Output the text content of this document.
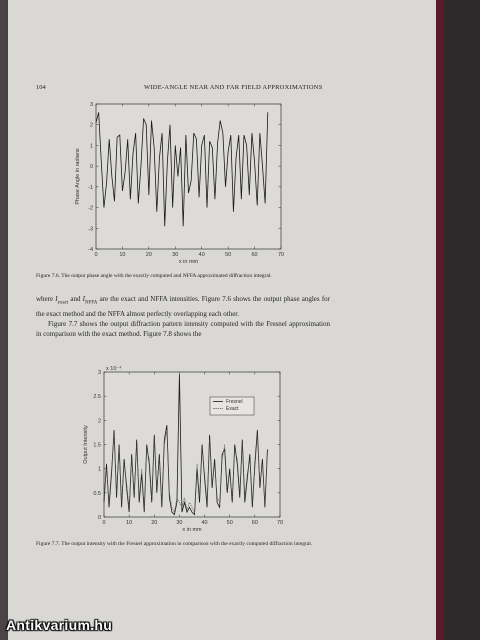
104	WIDE-ANGLE NEAR AND FAR FIELD APPROXIMATIONS
0	10	20	30	40	50	60	70
3
2
1
0
-1
-2
-3
-4
x in mm
Phase Angle in radians
0	10	20	30	40	50	60	70
3
2.5
2
1.5
1
0.5
0
x in mm
Output Intensity
x 10⁻⁴
Fresnel
Exact
Figure 7.6. The output phase angle with the exactly computed and NFFA approximated diffraction integral.

where $I_{exact}$ and $I_{NFFA}$ are the exact and NFFA intensities. Figure 7.6 shows the output phase angles for the exact method and the NFFA almost perfectly overlapping each other.

Figure 7.7 shows the output diffraction pattern intensity computed with the Fresnel approximation in comparison with the exact method. Figure 7.8 shows the

Figure 7.7. The output intensity with the Fresnel approximation in comparison with the exactly computed diffraction integral.
Antikvarium.hu
